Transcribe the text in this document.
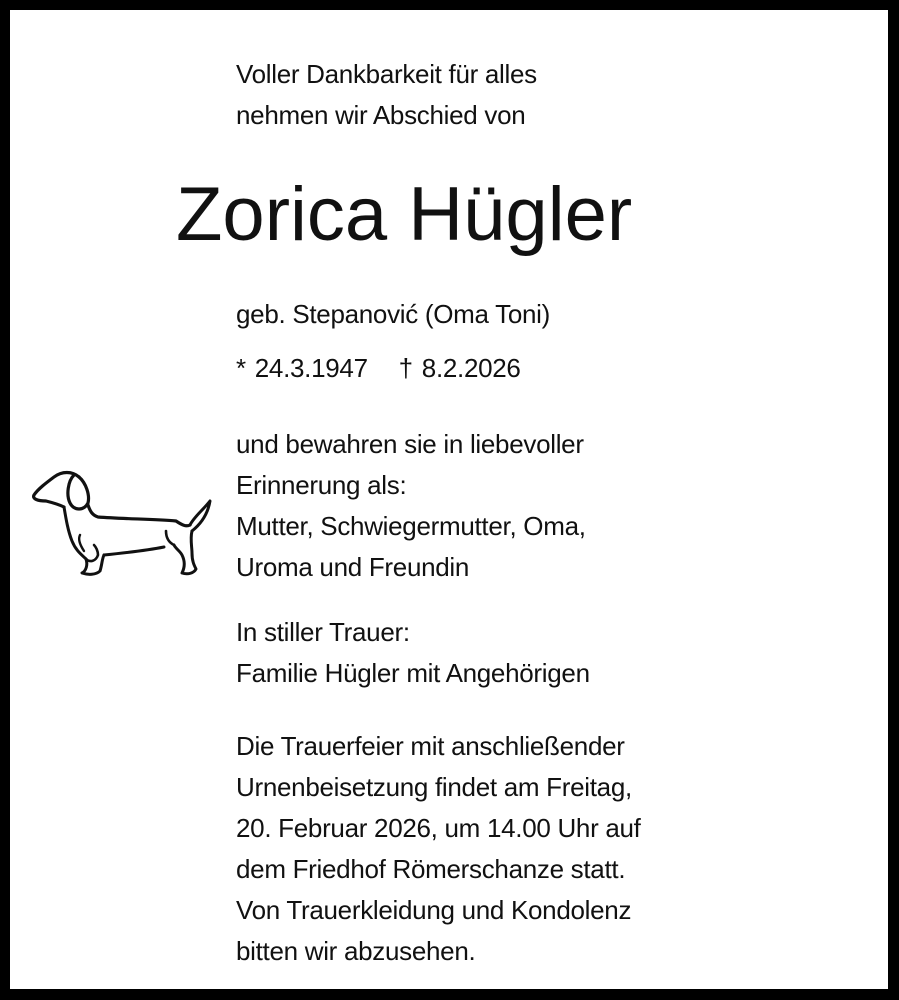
Voller Dankbarkeit für alles
nehmen wir Abschied von
Zorica Hügler
geb. Stepanović (Oma Toni)
* 24.3.1947 † 8.2.2026
und bewahren sie in liebevoller
Erinnerung als:
Mutter, Schwiegermutter, Oma,
Uroma und Freundin
In stiller Trauer:
Familie Hügler mit Angehörigen
Die Trauerfeier mit anschließender
Urnenbeisetzung findet am Freitag,
20. Februar 2026, um 14.00 Uhr auf
dem Friedhof Römerschanze statt.
Von Trauerkleidung und Kondolenz
bitten wir abzusehen.
